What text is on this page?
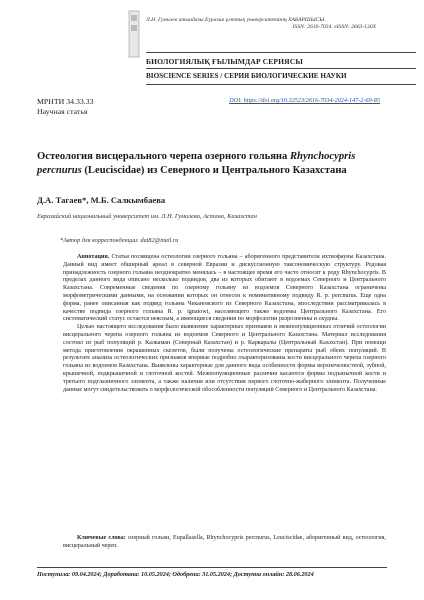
Л.Н. Гумилев атындағы Еуразия ұлттық университетінің ХАБАРШЫСЫ.
ISSN: 2616-7034. eISSN: 2663-130X
БИОЛОГИЯЛЫҚ ҒЫЛЫМДАР СЕРИЯСЫ
BIOSCIENCE SERIES / СЕРИЯ БИОЛОГИЧЕСКИЕ НАУКИ
МРНТИ 34.33.33
Научная статья
DOI: https://doi.org/10.32523/2616-7034-2024-147-2-69-85
Остеология висцерального черепа озерного гольяна Rhynchocypris percnurus (Leuciscidae) из Северного и Центрального Казахстана
Д.А. Тагаев*, М.Б. Салкымбаева
Евразийский национальный университет им. Л.Н. Гумилева, Астана, Казахстан
*Автор для корреспонденции: dat82@mail.ru

Аннотация. Статья посвящена остеологии озерного гольяна – аборигенного представителя ихтиофауны Казахстана. Данный вид имеет обширный ареал в северной Евразии и дискуссионную таксономическую структуру. Родовая принадлежность озерного гольяна неоднократно менялась – в настоящее время его часто относят к роду Rhynchocypris. В пределах данного вида описано несколько подвидов, два из которых обитают в водоемах Северного и Центрального Казахстана. Современные сведения по озерному гольяну из водоемов Северного Казахстана ограничены морфометрическими данными, на основании которых он отнесен к номинативному подвиду R. p. percnurus. Еще одна форма, ранее описанная как подвид гольяна Чекановского из Северного Казахстана, впоследствии рассматривалась в качестве подвида озерного гольяна R. p. ignatowi, населяющего также водоемы Центрального Казахстана. Его систематический статус остается неясным, а имеющиеся сведения по морфологии разрозненны и скудны.

Целью настоящего исследования было выявление характерных признаков и межпопуляционных отличий остеологии висцерального черепа озерного гольяна из водоемов Северного и Центрального Казахстана. Материал исследования состоял из рыб популяций р. Калкаман (Северный Казахстан) и р. Каркаралы (Центральный Казахстан). При помощи метода приготовления окрашенных скелетов, были получены остеологические препараты рыб обеих популяций. В результате анализа остеологических признаков впервые подробно охарактеризованы кости висцерального черепа озерного гольяна из водоемов Казахстана. Выявлены характерные для данного вида особенности формы верхнечелюстной, зубной, крышечной, подкрышечной и глоточной костей. Межпопуляционные различия касаются формы подъязычной кости и третьего подглазничного элемента, а также наличия или отсутствия первого глоточно-жаберного элемента. Полученные данные могут свидетельствовать о морфологической обособленности популяций Северного и Центрального Казахстана.

Ключевые слова: озерный гольян, Eupallasella, Rhynchocypris percnurus, Leuciscidae, аборигенный вид, остеология, висцеральный череп.
Поступила: 09.04.2024; Доработана: 10.05.2024; Одобрена: 31.05.2024; Доступна онлайн: 28.06.2024
